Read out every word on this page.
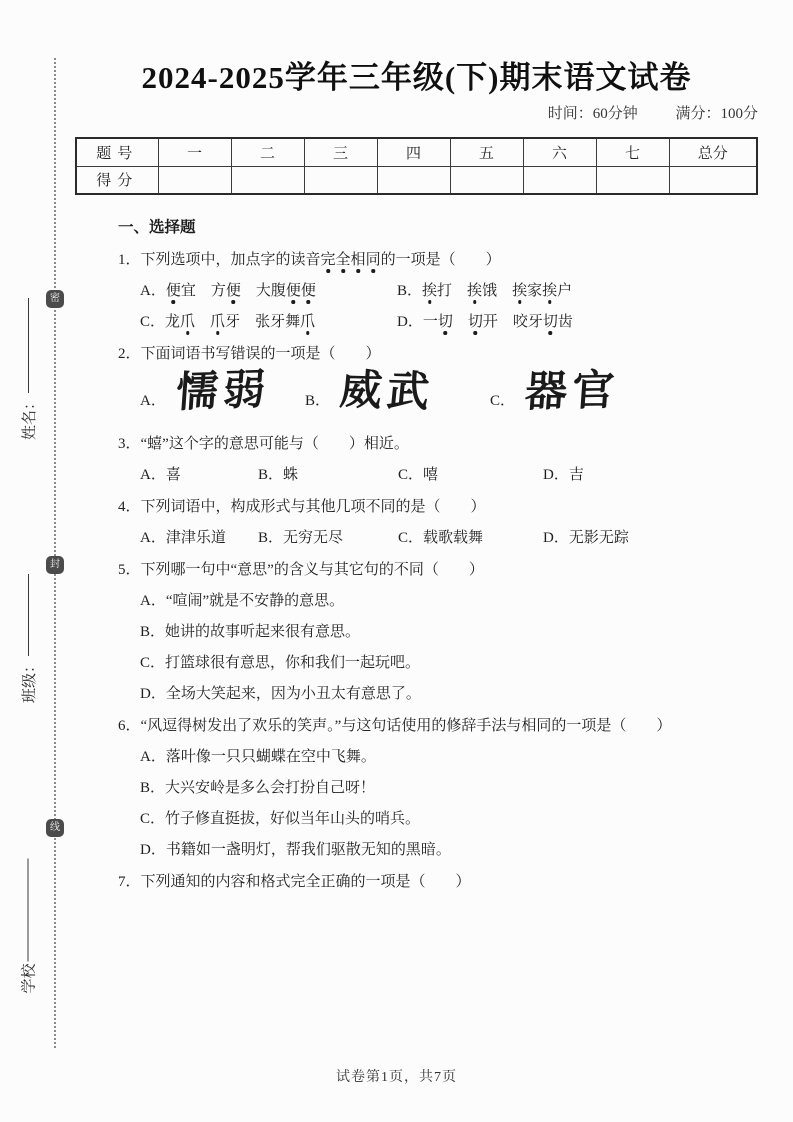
密
封
线
姓名：
班级：
学校
2024-2025学年三年级(下)期末语文试卷
时间：60分钟	满分：100分
题号	一	二	三	四	五	六	七	总分
得分								
一、选择题
1．下列选项中，加点字的读音完全相同的一项是（　　）
A．便宜　方便　大腹便便	B．挨打　挨饿　挨家挨户
C．龙爪　 爪牙　张牙舞爪	D．一切　 切开　咬牙切齿
2．下面词语书写错误的一项是（　　）
A． 懦弱	B． 威武	C． 器官
3．“蟢”这个字的意思可能与（　　）相近。
A．喜	B．蛛	C．嘻	D．吉
4．下列词语中，构成形式与其他几项不同的是（　　）
A．津津乐道	B．无穷无尽	C．载歌载舞	D．无影无踪
5．下列哪一句中“意思”的含义与其它句的不同（　　）
A．“喧闹”就是不安静的意思。
B．她讲的故事听起来很有意思。
C．打篮球很有意思，你和我们一起玩吧。
D．全场大笑起来，因为小丑太有意思了。
6．“风逗得树发出了欢乐的笑声。”与这句话使用的修辞手法与相同的一项是（　　）
A．落叶像一只只蝴蝶在空中飞舞。
B．大兴安岭是多么会打扮自己呀！
C．竹子修直挺拔，好似当年山头的哨兵。
D．书籍如一盏明灯，帮我们驱散无知的黑暗。
7．下列通知的内容和格式完全正确的一项是（　　）
试卷第1页，共7页
